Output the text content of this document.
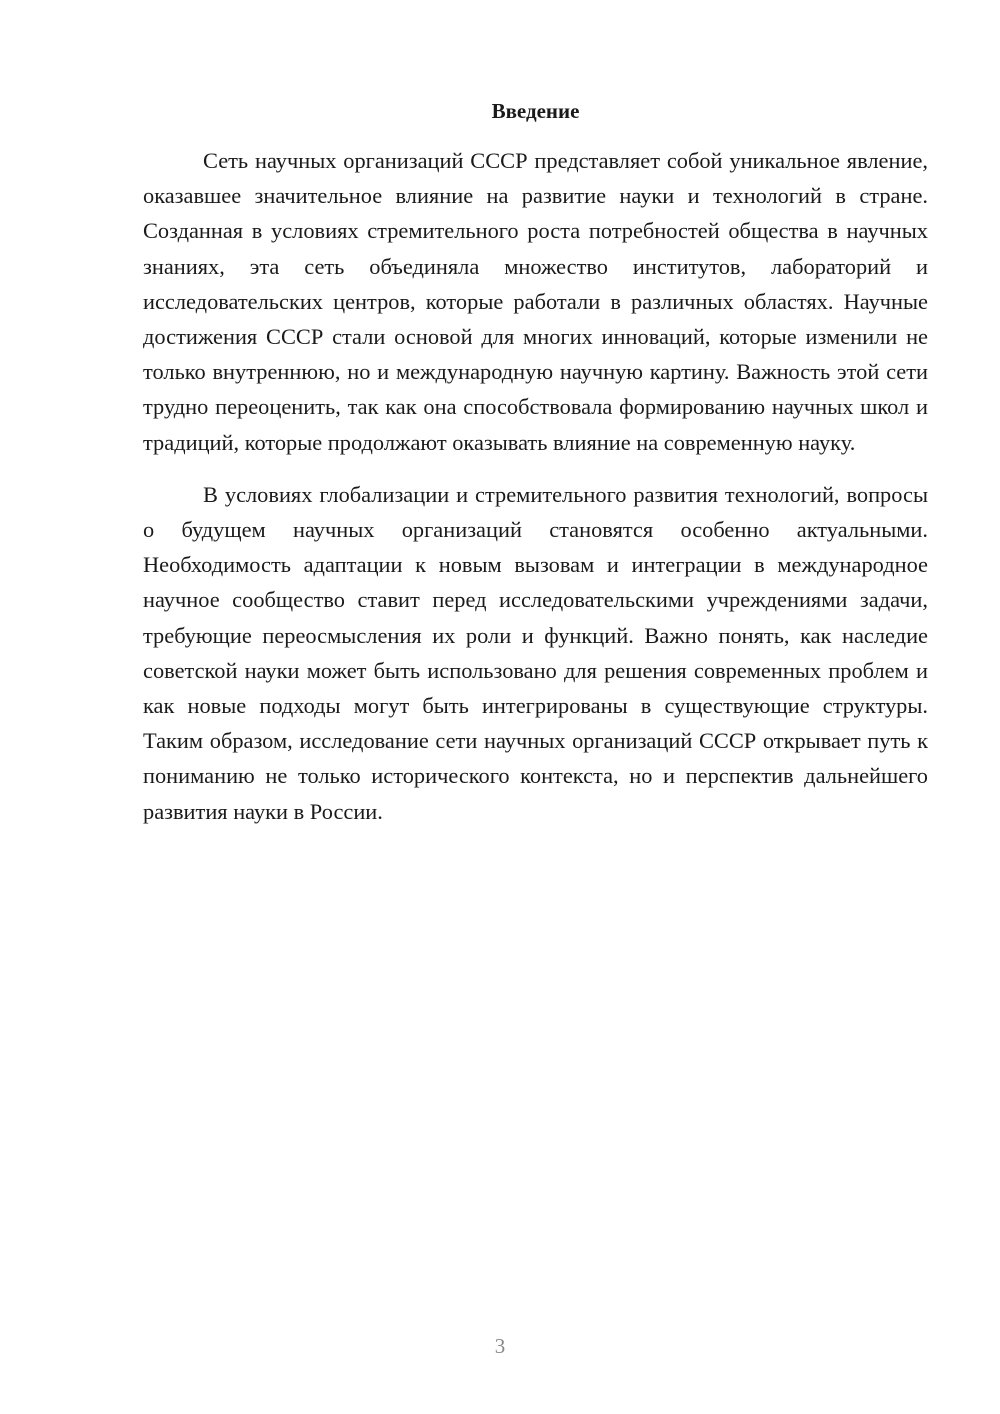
Введение

Сеть научных организаций СССР представляет собой уникальное явление, оказавшее значительное влияние на развитие науки и технологий в стране. Созданная в условиях стремительного роста потребностей общества в научных знаниях, эта сеть объединяла множество институтов, лабораторий и исследовательских центров, которые работали в различных областях. Научные достижения СССР стали основой для многих инноваций, которые изменили не только внутреннюю, но и международную научную картину. Важность этой сети трудно переоценить, так как она способствовала формированию научных школ и традиций, которые продолжают оказывать влияние на современную науку.

В условиях глобализации и стремительного развития технологий, вопросы о будущем научных организаций становятся особенно актуальными. Необходимость адаптации к новым вызовам и интеграции в международное научное сообщество ставит перед исследовательскими учреждениями задачи, требующие переосмысления их роли и функций. Важно понять, как наследие советской науки может быть использовано для решения современных проблем и как новые подходы могут быть интегрированы в существующие структуры. Таким образом, исследование сети научных организаций СССР открывает путь к пониманию не только исторического контекста, но и перспектив дальнейшего развития науки в России.

3
